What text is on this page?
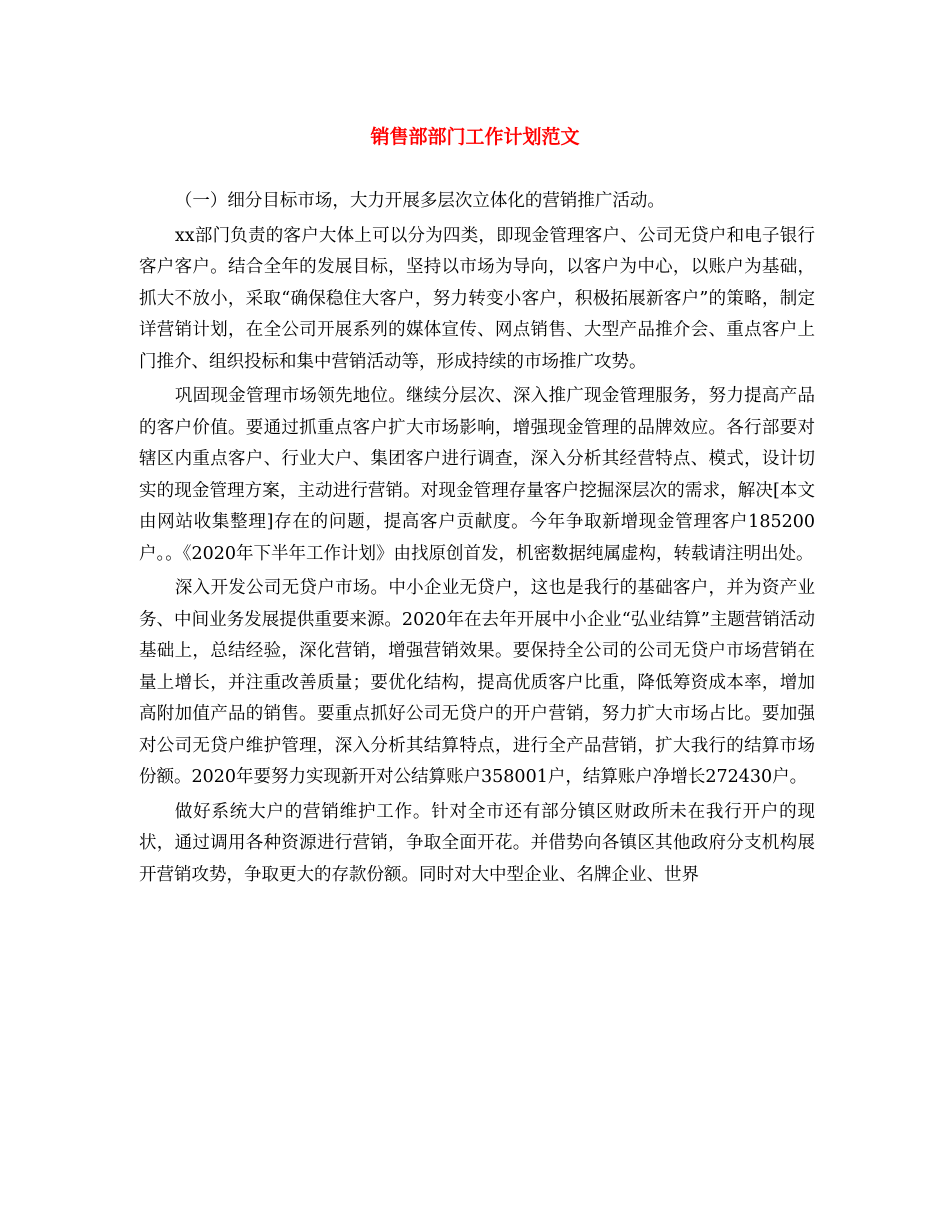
销售部部门工作计划范文

（一）细分目标市场，大力开展多层次立体化的营销推广活动。

xx部门负责的客户大体上可以分为四类，即现金管理客户、公司无贷户和电子银行客户客户。结合全年的发展目标，坚持以市场为导向，以客户为中心，以账户为基础，抓大不放小，采取“确保稳住大客户，努力转变小客户，积极拓展新客户”的策略，制定详营销计划，在全公司开展系列的媒体宣传、网点销售、大型产品推介会、重点客户上门推介、组织投标和集中营销活动等，形成持续的市场推广攻势。

巩固现金管理市场领先地位。继续分层次、深入推广现金管理服务，努力提高产品的客户价值。要通过抓重点客户扩大市场影响，增强现金管理的品牌效应。各行部要对辖区内重点客户、行业大户、集团客户进行调查，深入分析其经营特点、模式，设计切实的现金管理方案，主动进行营销。对现金管理存量客户挖掘深层次的需求，解决[本文由网站收集整理]存在的问题，提高客户贡献度。今年争取新增现金管理客户185200户。。《2020年下半年工作计划》由找原创首发，机密数据纯属虚构，转载请注明出处。

深入开发公司无贷户市场。中小企业无贷户，这也是我行的基础客户，并为资产业务、中间业务发展提供重要来源。2020年在去年开展中小企业“弘业结算”主题营销活动基础上，总结经验，深化营销，增强营销效果。要保持全公司的公司无贷户市场营销在量上增长，并注重改善质量；要优化结构，提高优质客户比重，降低筹资成本率，增加高附加值产品的销售。要重点抓好公司无贷户的开户营销，努力扩大市场占比。要加强对公司无贷户维护管理，深入分析其结算特点，进行全产品营销，扩大我行的结算市场份额。2020年要努力实现新开对公结算账户358001户，结算账户净增长272430户。

做好系统大户的营销维护工作。针对全市还有部分镇区财政所未在我行开户的现状，通过调用各种资源进行营销，争取全面开花。并借势向各镇区其他政府分支机构展开营销攻势，争取更大的存款份额。同时对大中型企业、名牌企业、世界
